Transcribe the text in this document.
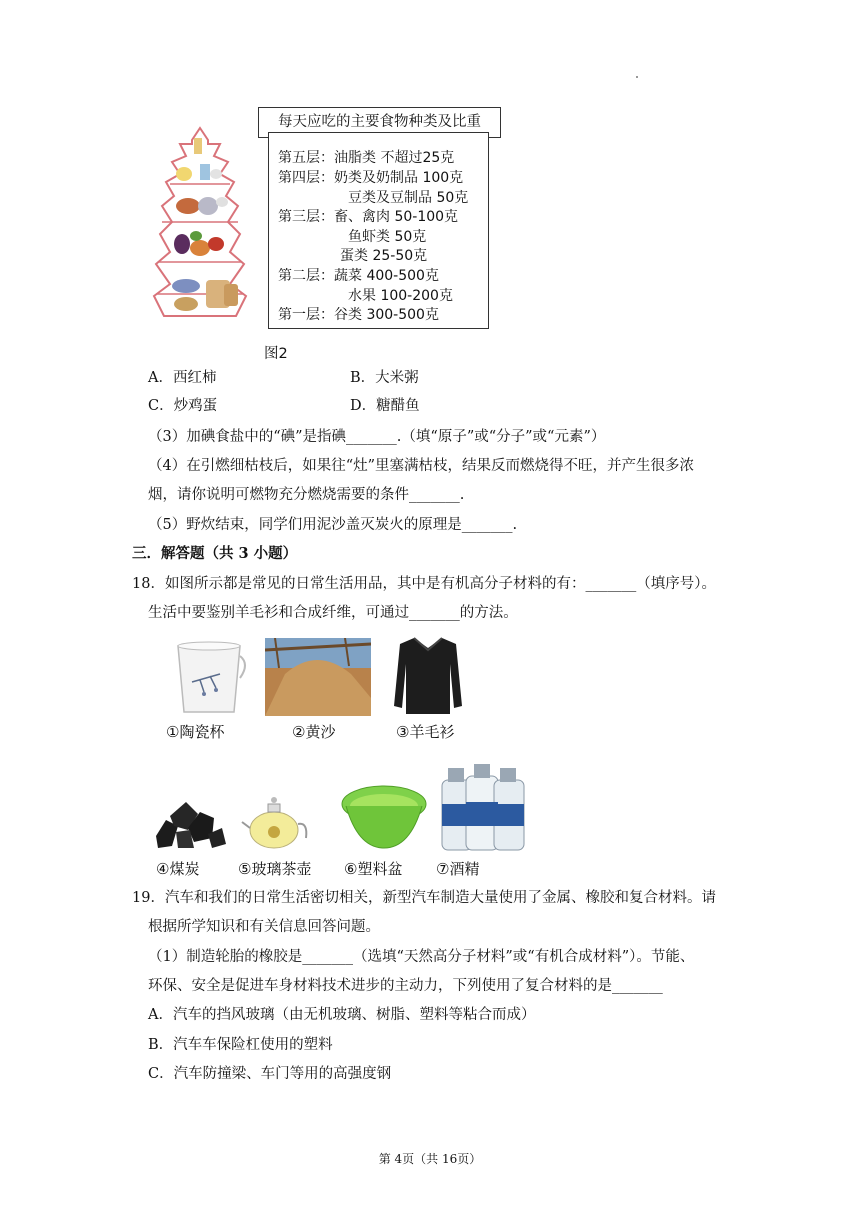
每天应吃的主要食物种类及比重
第五层：油脂类 不超过25克
第四层：奶类及奶制品 100克
豆类及豆制品 50克
第三层：畜、禽肉 50-100克
鱼虾类 50克
蛋类 25-50克
第二层：蔬菜 400-500克
水果 100-200克
第一层：谷类 300-500克
图2
A．西红柿	B．大米粥
C．炒鸡蛋	D．糖醋鱼
（3）加碘食盐中的“碘”是指碘_______.（填“原子”或“分子”或“元素”）
（4）在引燃细枯枝后，如果往“灶”里塞满枯枝，结果反而燃烧得不旺，并产生很多浓
烟，请你说明可燃物充分燃烧需要的条件_______.
（5）野炊结束，同学们用泥沙盖灭炭火的原理是_______.
三．解答题（共 3 小题）
18．如图所示都是常见的日常生活用品，其中是有机高分子材料的有：_______（填序号）。
生活中要鉴别羊毛衫和合成纤维，可通过_______的方法。
①陶瓷杯	②黄沙	③羊毛衫
④煤炭	⑤玻璃茶壶 ⑥塑料盆 ⑦酒精
19．汽车和我们的日常生活密切相关，新型汽车制造大量使用了金属、橡胶和复合材料。请
根据所学知识和有关信息回答问题。
（1）制造轮胎的橡胶是_______（选填“天然高分子材料”或“有机合成材料”）。节能、
环保、安全是促进车身材料技术进步的主动力，下列使用了复合材料的是_______
A．汽车的挡风玻璃（由无机玻璃、树脂、塑料等粘合而成）
B．汽车车保险杠使用的塑料
C．汽车防撞梁、车门等用的高强度钢
第 4页（共 16页）
